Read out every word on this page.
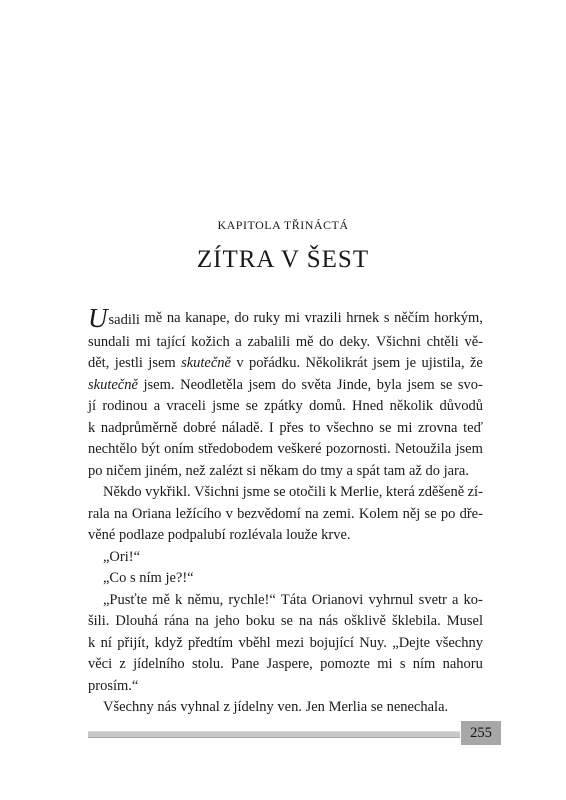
KAPITOLA TŘINÁCTÁ
ZÍTRA V ŠEST
Usadili mě na kanape, do ruky mi vrazili hrnek s něčím horkým,
sundali mi tající kožich a zabalili mě do deky. Všichni chtěli vě-
dět, jestli jsem skutečně v pořádku. Několikrát jsem je ujistila, že
skutečně jsem. Neodletěla jsem do světa Jinde, byla jsem se svo-
jí rodinou a vraceli jsme se zpátky domů. Hned několik důvodů
k nadprůměrně dobré náladě. I přes to všechno se mi zrovna teď
nechtělo být oním středobodem veškeré pozornosti. Netoužila jsem
po ničem jiném, než zalézt si někam do tmy a spát tam až do jara.
Někdo vykřikl. Všichni jsme se otočili k Merlie, která zděšeně zí-
rala na Oriana ležícího v bezvědomí na zemi. Kolem něj se po dře-
věné podlaze podpalubí rozlévala louže krve.
„Ori!“
„Co s ním je?!“
„Pusťte mě k němu, rychle!“ Táta Orianovi vyhrnul svetr a ko-
šili. Dlouhá rána na jeho boku se na nás ošklivě šklebila. Musel
k ní přijít, když předtím vběhl mezi bojující Nuy. „Dejte všechny
věci z jídelního stolu. Pane Jaspere, pomozte mi s ním nahoru
prosím.“
Všechny nás vyhnal z jídelny ven. Jen Merlia se nenechala.
255
